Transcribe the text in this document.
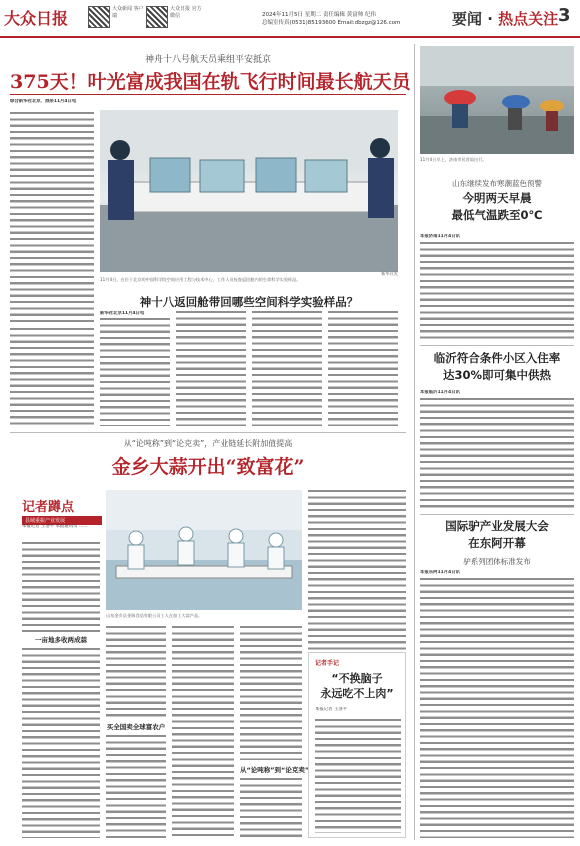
大众日报	大众新闻 客户端
大众日报 官方微信	2024年11月5日 星期二 责任编辑 黄富帅 纪伟
总编室传真(0531)85193600 Email:dbzgz@126.com	要闻 · 热点关注 3
神舟十八号航天员乘组平安抵京
375天！叶光富成我国在轨飞行时间最长航天员
综合新华社北京、酒泉11月4日电
11月4日，在位于北京的中国科学院空间应用工程与技术中心，工作人员检查返回舱内的生命科学实验样品。
新华社发
神十八返回舱带回哪些空间科学实验样品？
新华社北京11月4日电
从“论吨称”到“论克卖”，产业链延长附加值提高
金乡大蒜开出“致富花”
记者蹲点
县域重振产业发展
本报记者 王洛平 本报通讯员 ……
一亩地多收两成蒜
山东金乡县金瑞食品有限公司工人在加工大蒜产品。
买全国卖全球富农户
从“论吨称”到“论克卖”
记者手记
“不换脑子
永远吃不上肉”
本报记者 王洛平
11月4日早上，济南市民冒雨出行。
山东继续发布寒潮蓝色预警
今明两天早晨
最低气温跌至0℃
本报济南11月4日讯
临沂符合条件小区入住率
达30%即可集中供热
本报临沂11月4日讯
国际驴产业发展大会
在东阿开幕
驴系列团体标准发布
本报东阿11月4日讯
